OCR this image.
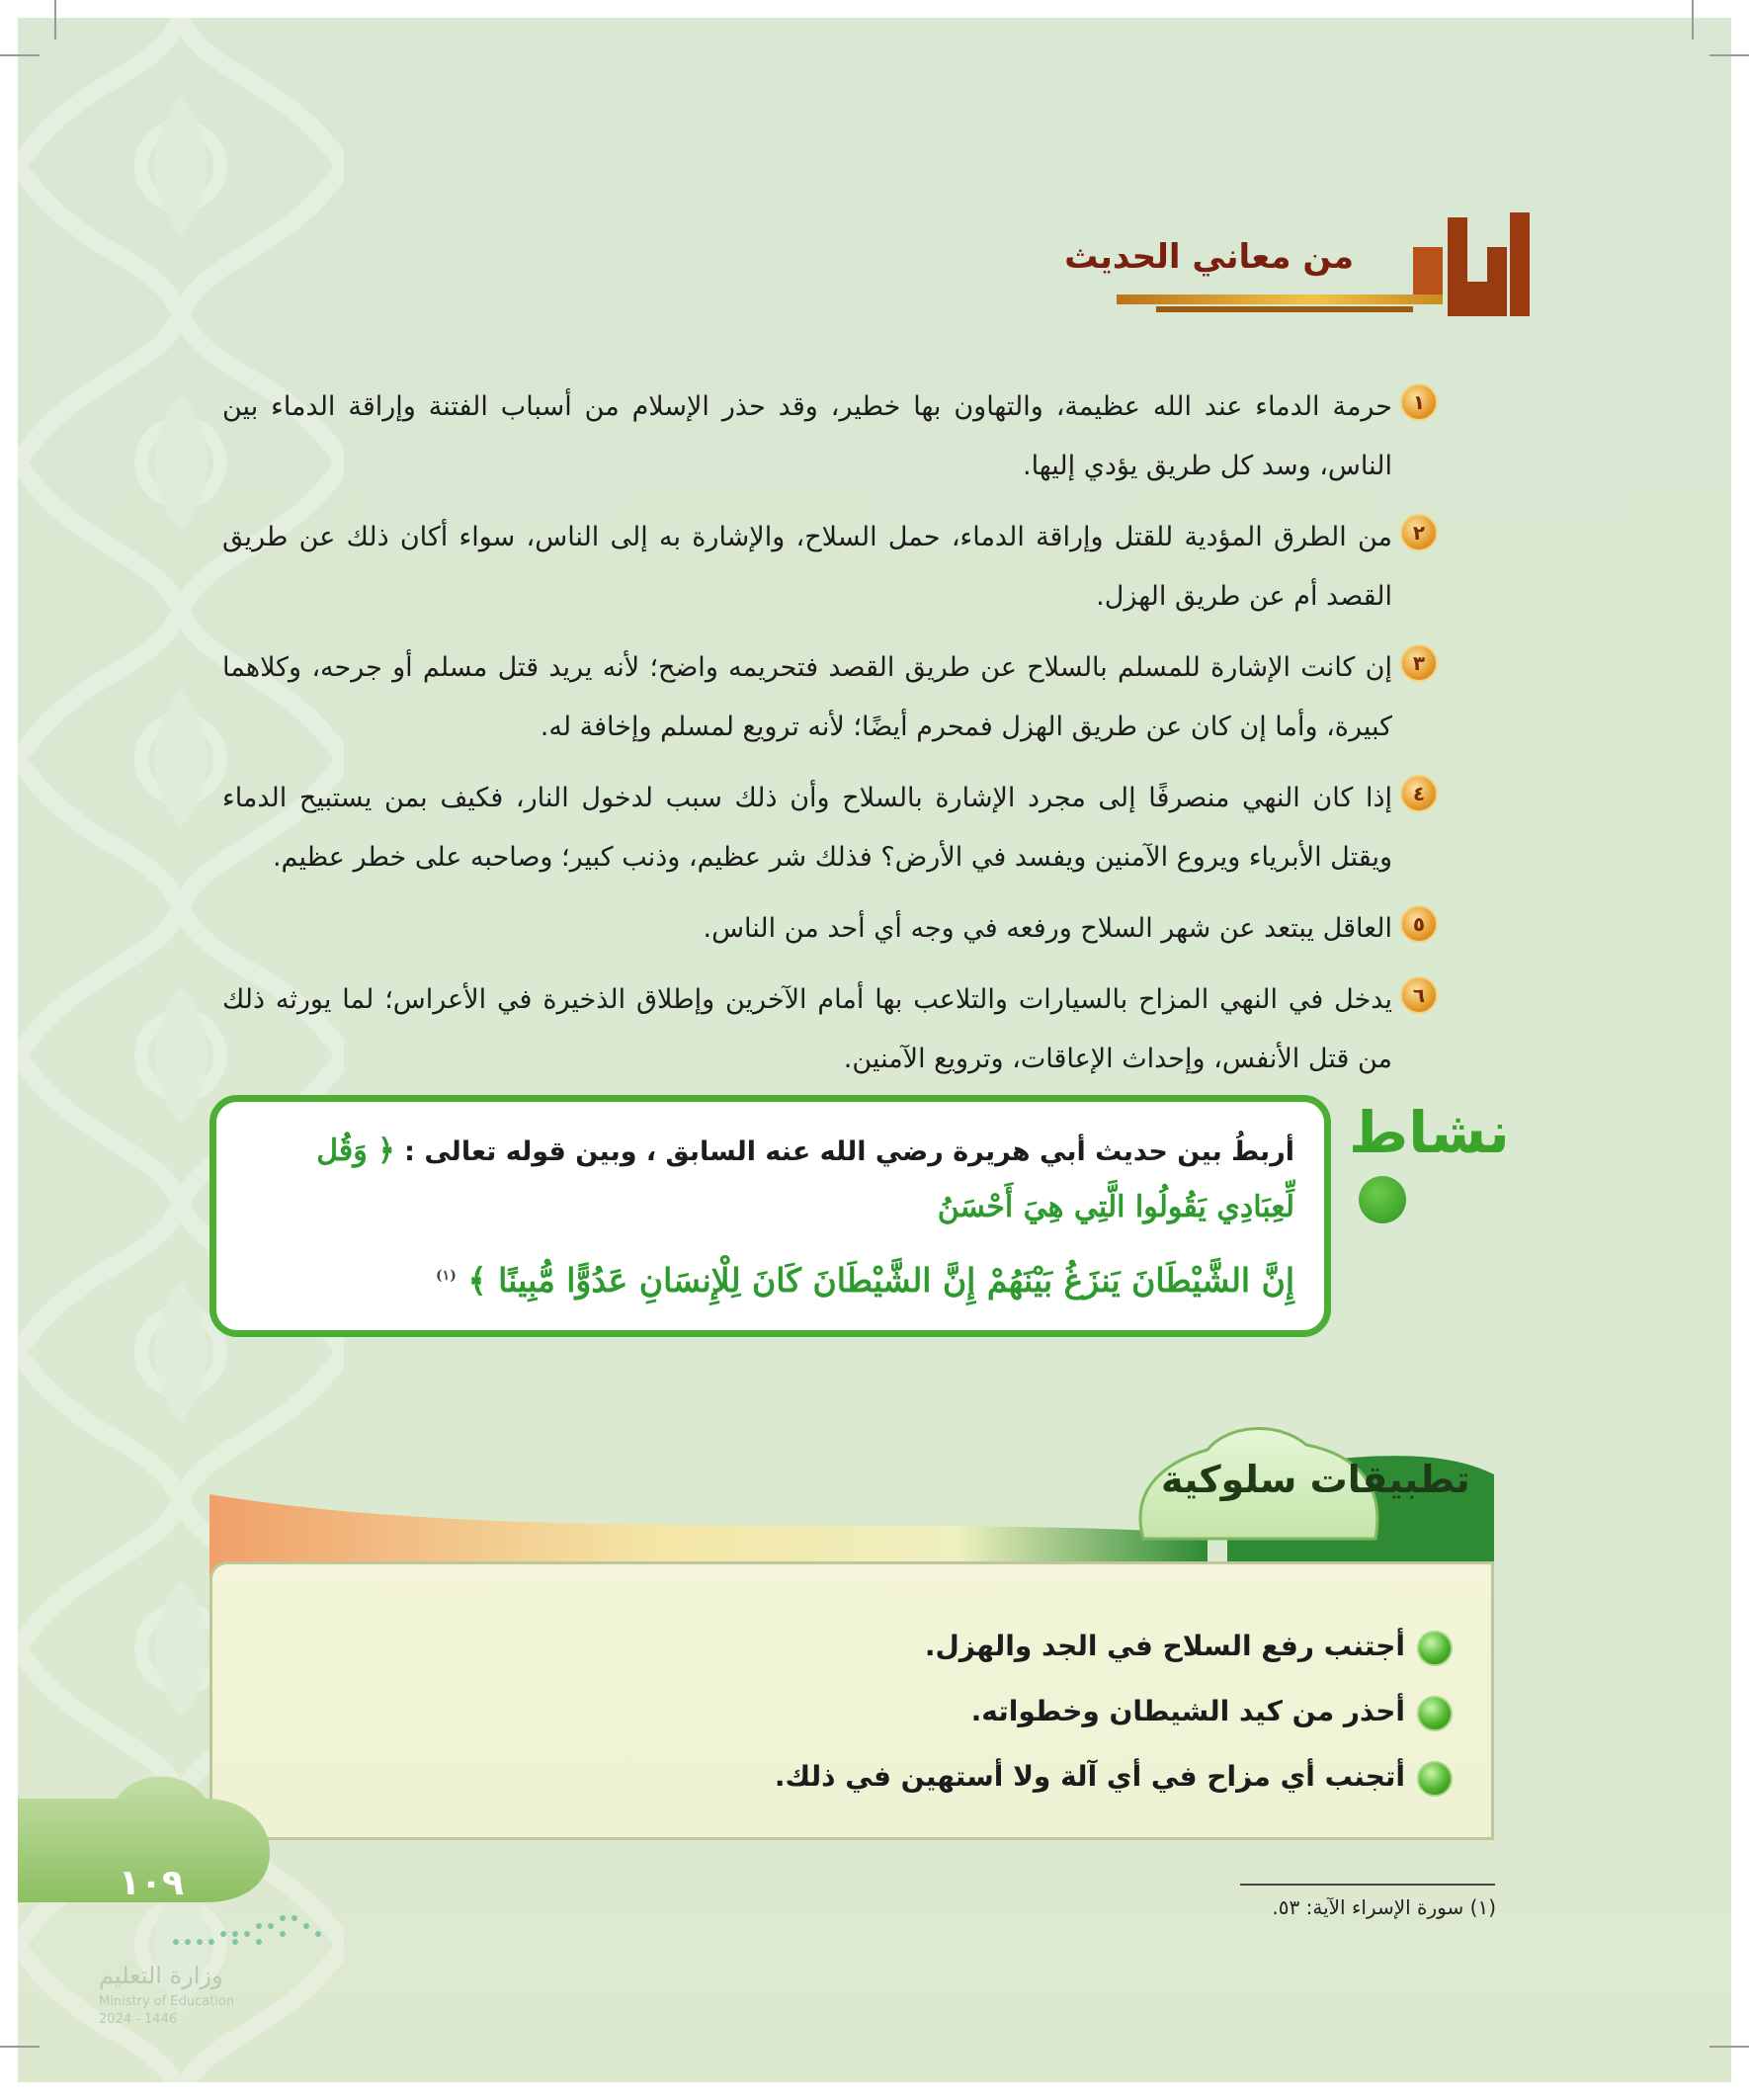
من معاني الحديث
١
حرمة الدماء عند الله عظيمة، والتهاون بها خطير، وقد حذر الإسلام من أسباب الفتنة وإراقة الدماء بين الناس، وسد كل طريق يؤدي إليها.
٢
من الطرق المؤدية للقتل وإراقة الدماء، حمل السلاح، والإشارة به إلى الناس، سواء أكان ذلك عن طريق القصد أم عن طريق الهزل.
٣
إن كانت الإشارة للمسلم بالسلاح عن طريق القصد فتحريمه واضح؛ لأنه يريد قتل مسلم أو جرحه، وكلاهما كبيرة، وأما إن كان عن طريق الهزل فمحرم أيضًا؛ لأنه ترويع لمسلم وإخافة له.
٤
إذا كان النهي منصرفًا إلى مجرد الإشارة بالسلاح وأن ذلك سبب لدخول النار، فكيف بمن يستبيح الدماء ويقتل الأبرياء ويروع الآمنين ويفسد في الأرض؟ فذلك شر عظيم، وذنب كبير؛ وصاحبه على خطر عظيم.
٥
العاقل يبتعد عن شهر السلاح ورفعه في وجه أي أحد من الناس.
٦
يدخل في النهي المزاح بالسيارات والتلاعب بها أمام الآخرين وإطلاق الذخيرة في الأعراس؛ لما يورثه ذلك من قتل الأنفس، وإحداث الإعاقات، وترويع الآمنين.
نشاط
أربطُ بين حديث أبي هريرة رضي الله عنه السابق ، وبين قوله تعالى : ﴿ وَقُل لِّعِبَادِي يَقُولُوا الَّتِي هِيَ أَحْسَنُ
إِنَّ الشَّيْطَانَ يَنزَغُ بَيْنَهُمْ إِنَّ الشَّيْطَانَ كَانَ لِلْإِنسَانِ عَدُوًّا مُّبِينًا ﴾ $^{(١)}$
تطبيقات سلوكية
أجتنب رفع السلاح في الجد والهزل.
أحذر من كيد الشيطان وخطواته.
أتجنب أي مزاح في أي آلة ولا أستهين في ذلك.
(١) سورة الإسراء الآية: ٥٣.
١٠٩
وزارة التعليم
Ministry of Education
2024 - 1446
